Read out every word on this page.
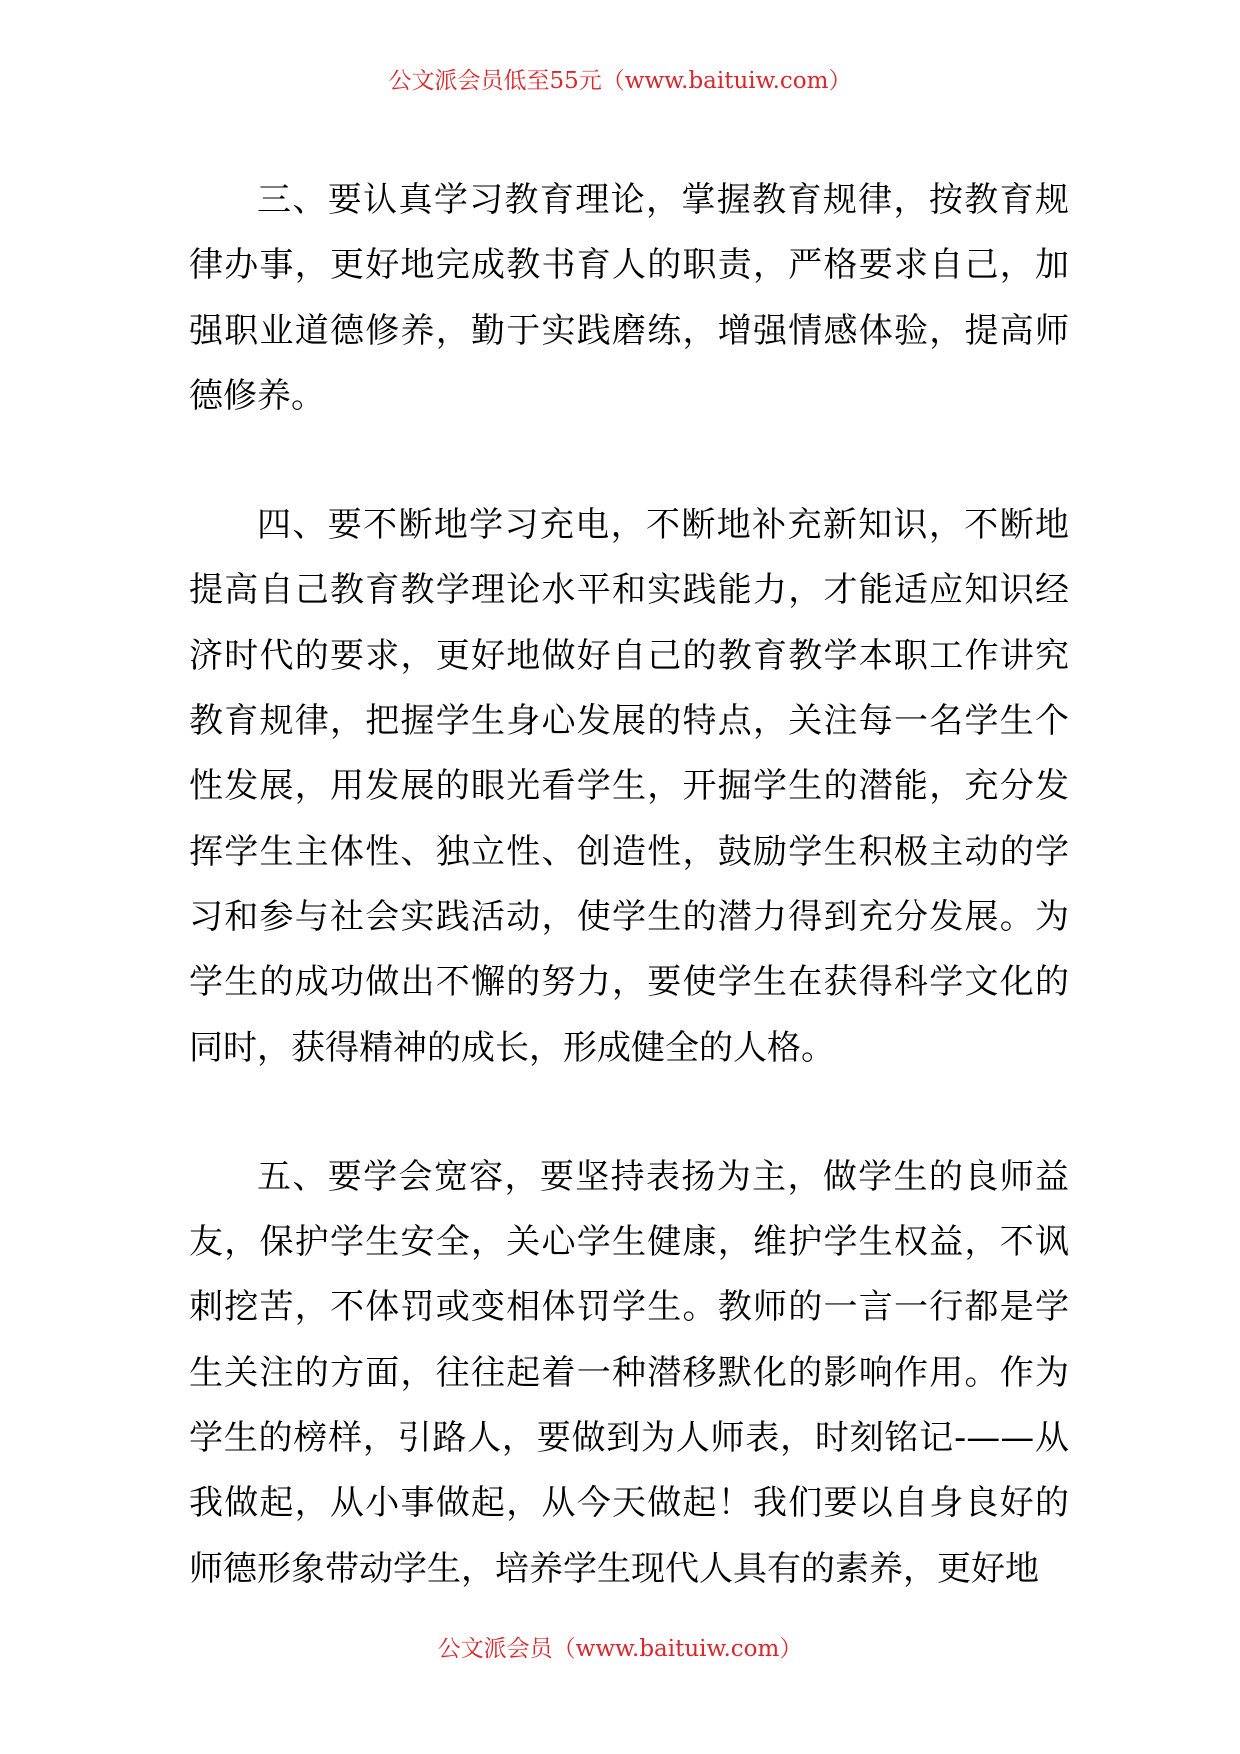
公文派会员低至55元（www.baituiw.com）

三、要认真学习教育理论，掌握教育规律，按教育规律办事，更好地完成教书育人的职责，严格要求自己，加强职业道德修养，勤于实践磨练，增强情感体验，提高师德修养。

四、要不断地学习充电，不断地补充新知识，不断地提高自己教育教学理论水平和实践能力，才能适应知识经济时代的要求，更好地做好自己的教育教学本职工作讲究教育规律，把握学生身心发展的特点，关注每一名学生个性发展，用发展的眼光看学生，开掘学生的潜能，充分发挥学生主体性、独立性、创造性，鼓励学生积极主动的学习和参与社会实践活动，使学生的潜力得到充分发展。为学生的成功做出不懈的努力，要使学生在获得科学文化的同时，获得精神的成长，形成健全的人格。

五、要学会宽容，要坚持表扬为主，做学生的良师益友，保护学生安全，关心学生健康，维护学生权益，不讽刺挖苦，不体罚或变相体罚学生。教师的一言一行都是学生关注的方面，往往起着一种潜移默化的影响作用。作为学生的榜样，引路人，要做到为人师表，时刻铭记-——从我做起，从小事做起，从今天做起！我们要以自身良好的师德形象带动学生，培养学生现代人具有的素养，更好地

公文派会员（www.baituiw.com）
